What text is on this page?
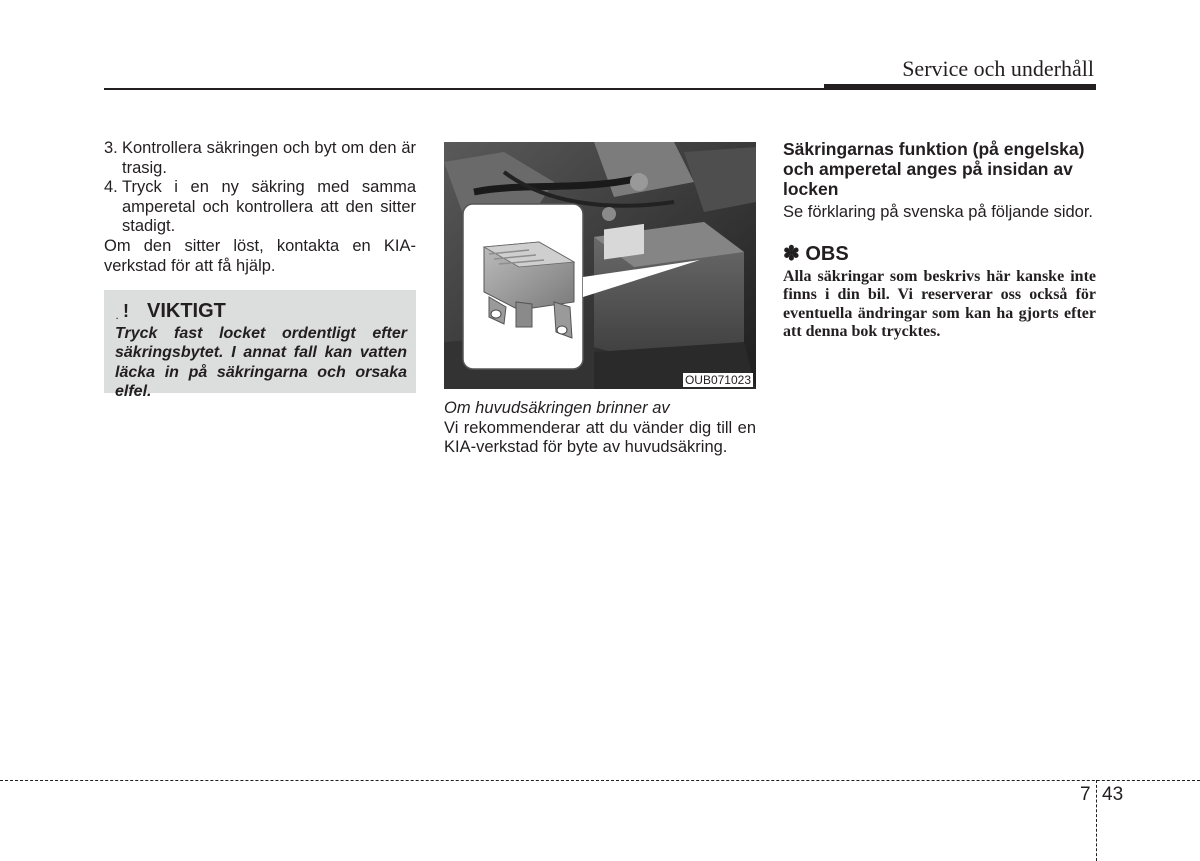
Service och underhåll
3. Kontrollera säkringen och byt om den är trasig.
4. Tryck i en ny säkring med samma amperetal och kontrollera att den sitter stadigt.
Om den sitter löst, kontakta en KIA-verkstad för att få hjälp.
. ! VIKTIGT
Tryck fast locket ordentligt efter säkringsbytet. I annat fall kan vatten läcka in på säkringarna och orsaka elfel.
OUB071023
Om huvudsäkringen brinner av
Vi rekommenderar att du vänder dig till en KIA-verkstad för byte av huvudsäkring.
Säkringarnas funktion (på engelska) och amperetal anges på insidan av locken
Se förklaring på svenska på följande sidor.
✽ OBS
Alla säkringar som beskrivs här kanske inte finns i din bil. Vi reserverar oss också för eventuella ändringar som kan ha gjorts efter att denna bok trycktes.
7 43
